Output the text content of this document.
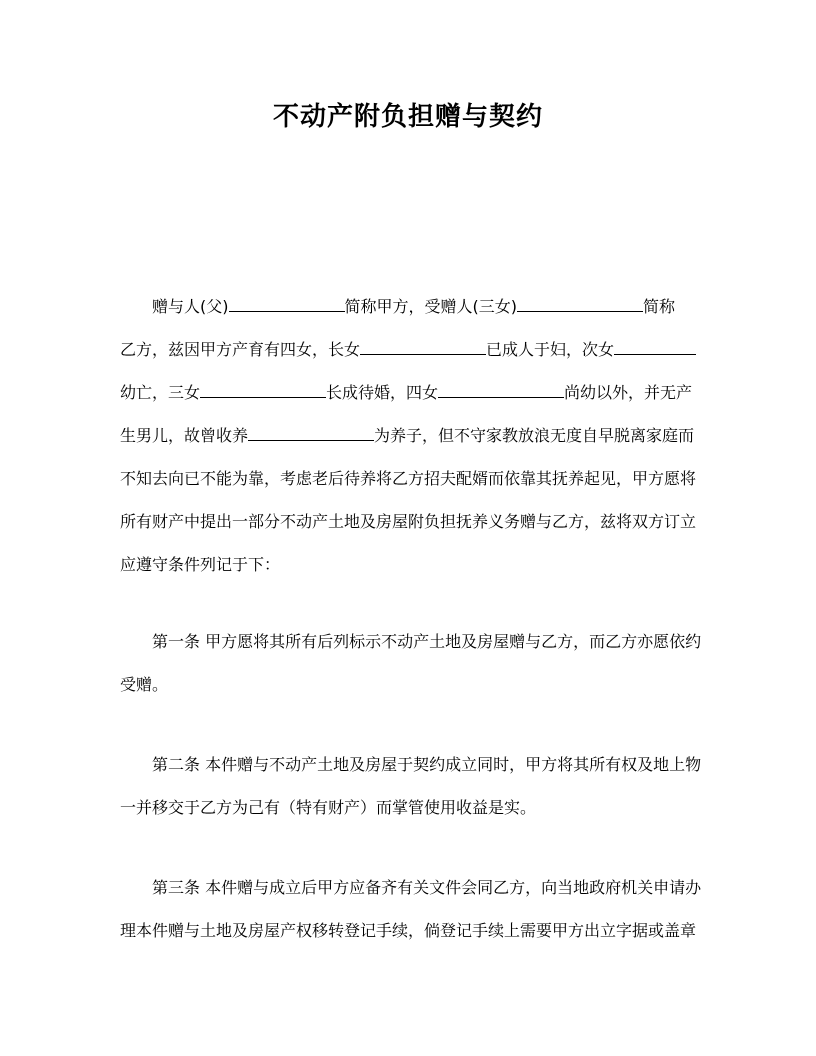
不动产附负担赠与契约
赠与人(父)	简称甲方，受赠人(三女)	简称
乙方，兹因甲方产育有四女，长女	已成人于妇，次女
幼亡，三女	长成待婚，四女	尚幼以外，并无产
生男儿，故曾收养	为养子，但不守家教放浪无度自早脱离家庭而
不知去向已不能为靠，考虑老后待养将乙方招夫配婿而依靠其抚养起见，甲方愿将
所有财产中提出一部分不动产土地及房屋附负担抚养义务赠与乙方，兹将双方订立
应遵守条件列记于下：
第一条 甲方愿将其所有后列标示不动产土地及房屋赠与乙方，而乙方亦愿依约
受赠。
第二条 本件赠与不动产土地及房屋于契约成立同时，甲方将其所有权及地上物
一并移交于乙方为己有（特有财产）而掌管使用收益是实。
第三条 本件赠与成立后甲方应备齐有关文件会同乙方，向当地政府机关申请办
理本件赠与土地及房屋产权移转登记手续，倘登记手续上需要甲方出立字据或盖章
